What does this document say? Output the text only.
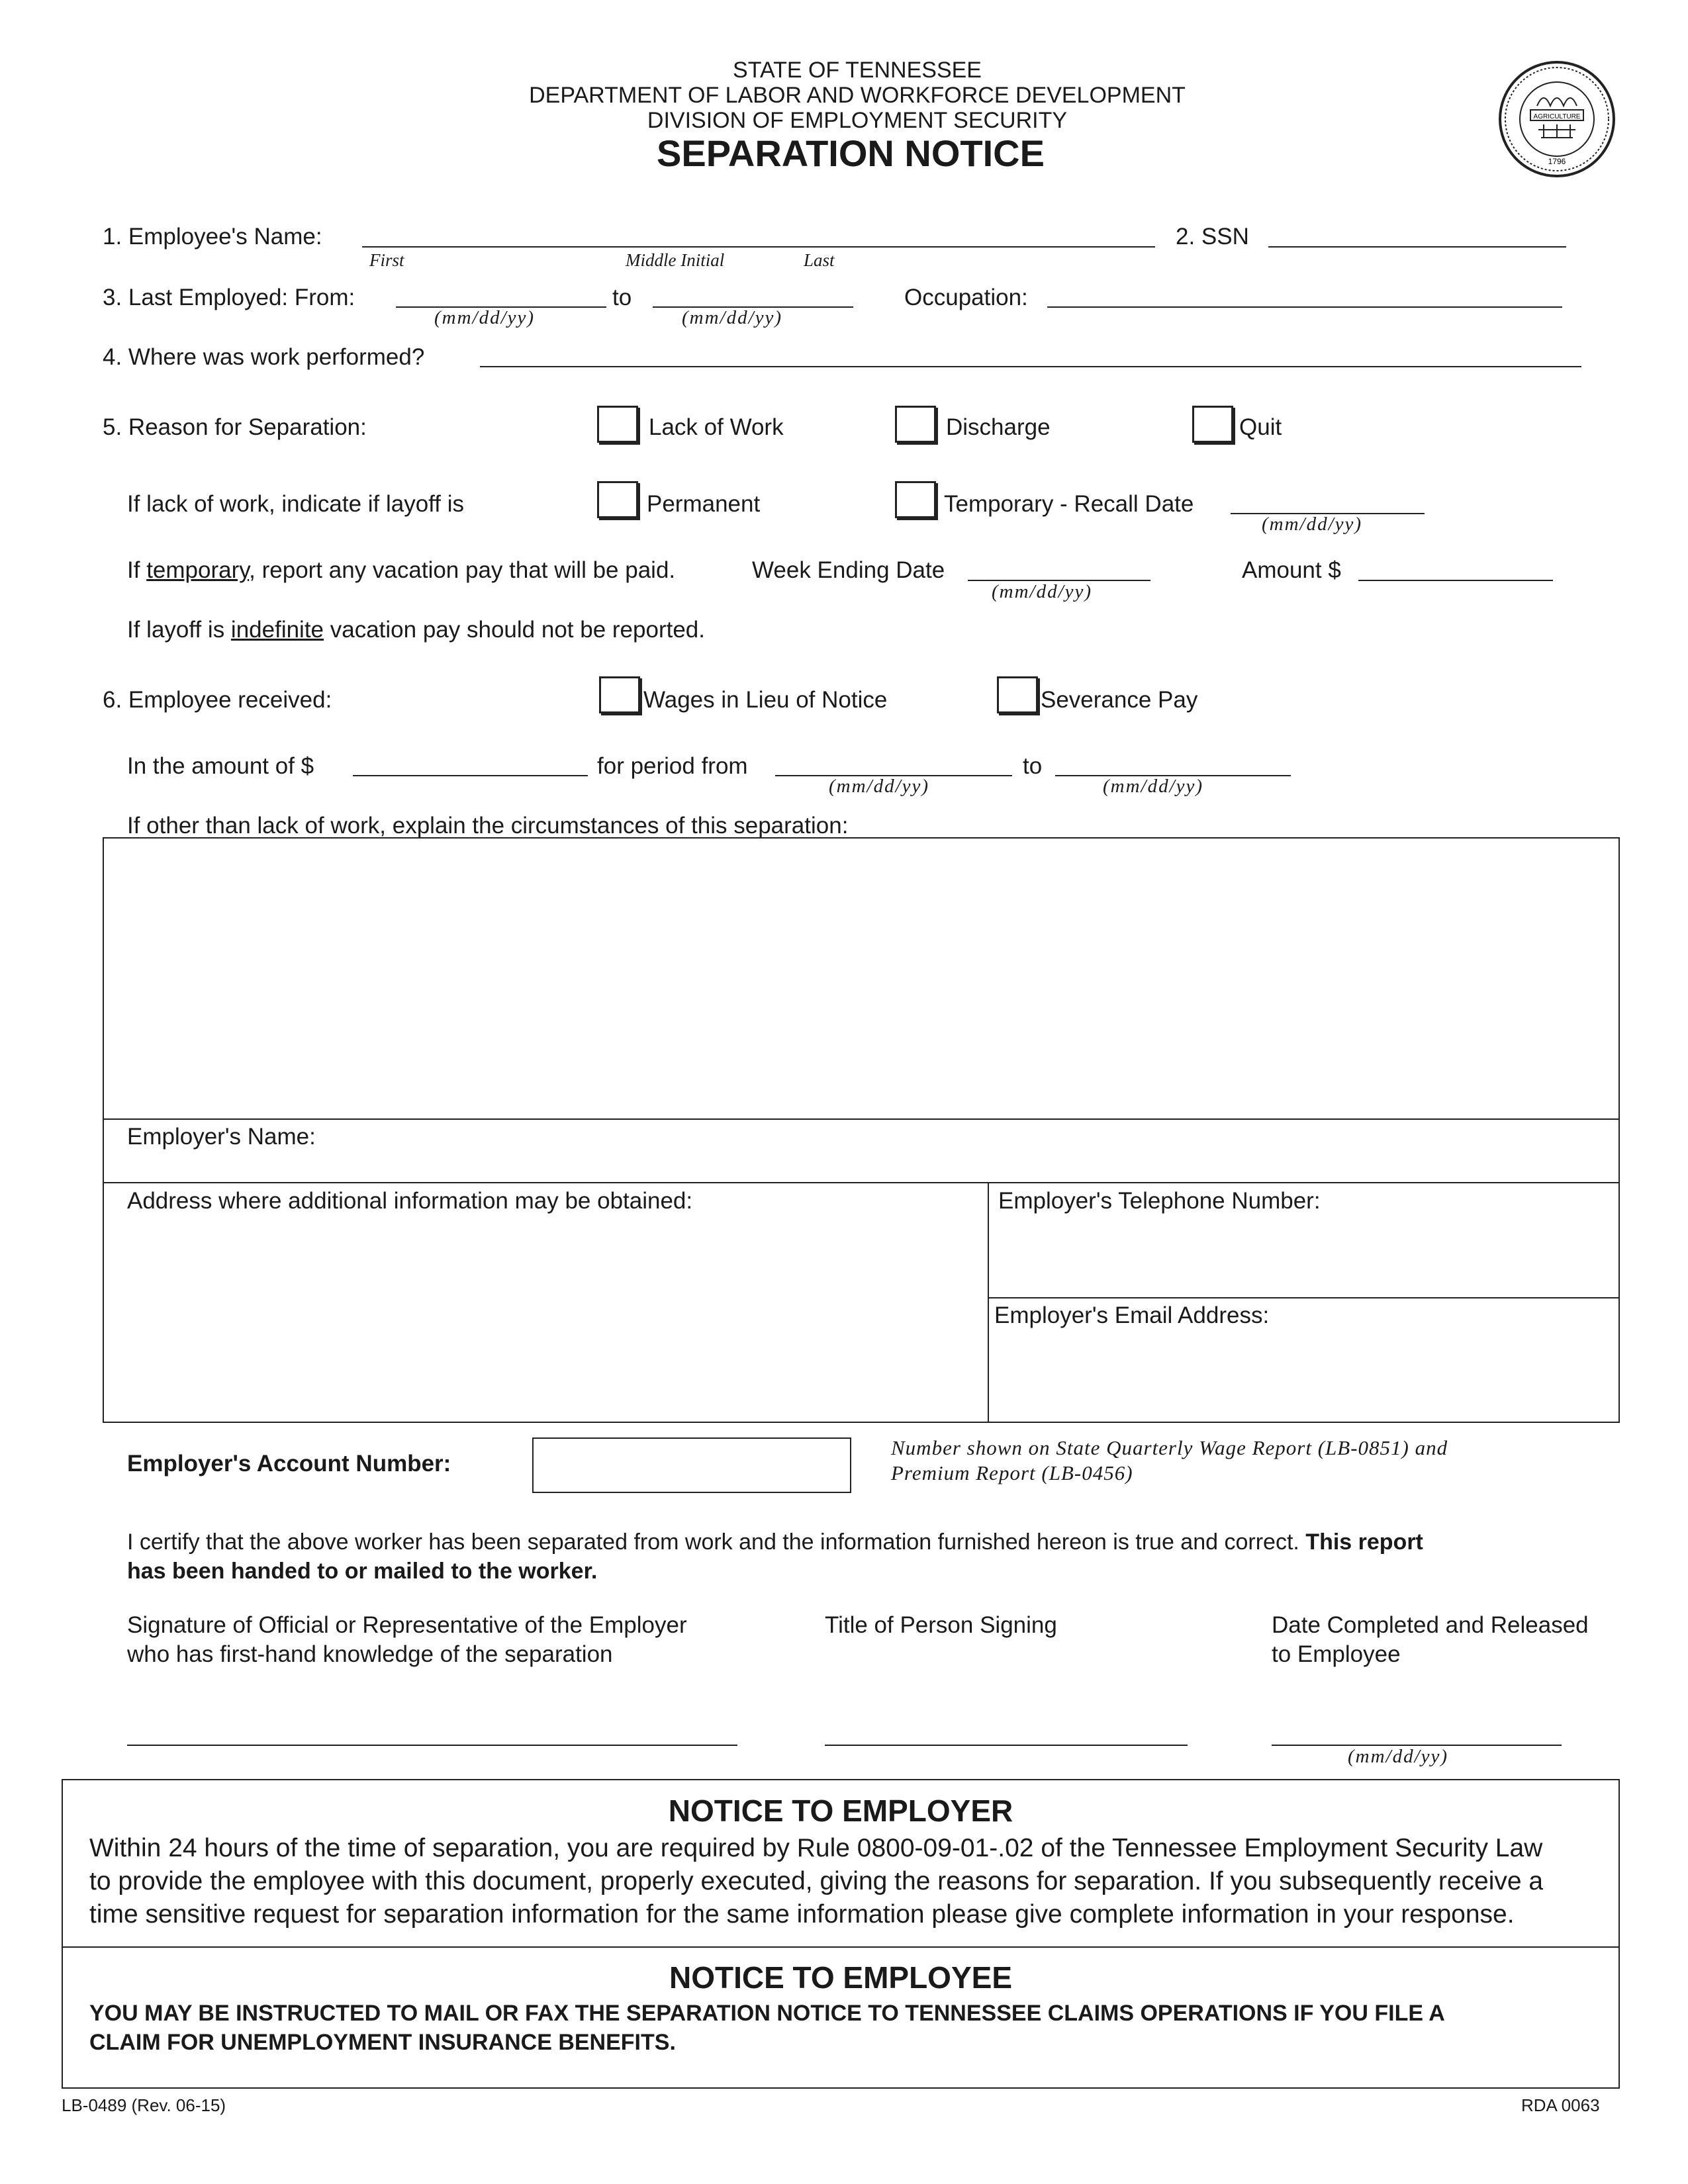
STATE OF TENNESSEE
DEPARTMENT OF LABOR AND WORKFORCE DEVELOPMENT
DIVISION OF EMPLOYMENT SECURITY
SEPARATION NOTICE
AGRICULTURE
1796
1. Employee's Name:
First	Middle Initial	Last
2. SSN
3. Last Employed: From:
(mm/dd/yy)
to
(mm/dd/yy)
Occupation:
4. Where was work performed?
5. Reason for Separation:	Lack of Work	Discharge	Quit
If lack of work, indicate if layoff is	Permanent	Temporary - Recall Date
(mm/dd/yy)
If temporary, report any vacation pay that will be paid.	Week Ending Date
(mm/dd/yy)
Amount $
If layoff is indefinite vacation pay should not be reported.
6. Employee received:	Wages in Lieu of Notice	Severance Pay
In the amount of $	for period from
(mm/dd/yy)
to
(mm/dd/yy)
If other than lack of work, explain the circumstances of this separation:
Employer's Name:
Address where additional information may be obtained:	Employer's Telephone Number:
Employer's Email Address:
Employer's Account Number:
Number shown on State Quarterly Wage Report (LB-0851) and
Premium Report (LB-0456)
I certify that the above worker has been separated from work and the information furnished hereon is true and correct. This report
has been handed to or mailed to the worker.
Signature of Official or Representative of the Employer
who has first-hand knowledge of the separation
Title of Person Signing	Date Completed and Released
to Employee
(mm/dd/yy)
NOTICE TO EMPLOYER
Within 24 hours of the time of separation, you are required by Rule 0800-09-01-.02 of the Tennessee Employment Security Law
to provide the employee with this document, properly executed, giving the reasons for separation. If you subsequently receive a
time sensitive request for separation information for the same information please give complete information in your response.
NOTICE TO EMPLOYEE
YOU MAY BE INSTRUCTED TO MAIL OR FAX THE SEPARATION NOTICE TO TENNESSEE CLAIMS OPERATIONS IF YOU FILE A
CLAIM FOR UNEMPLOYMENT INSURANCE BENEFITS.
LB-0489 (Rev. 06-15)	RDA 0063
